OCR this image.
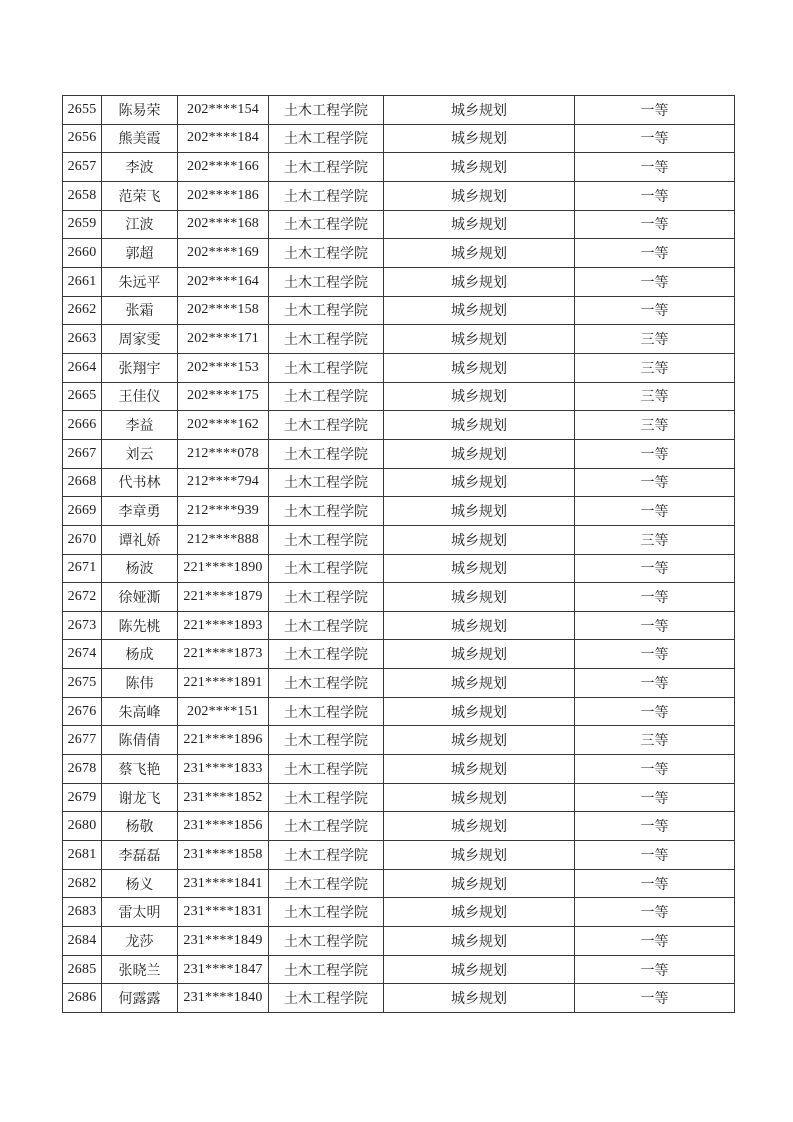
2655	陈易荣	202****154	土木工程学院	城乡规划	一等
2656	熊美霞	202****184	土木工程学院	城乡规划	一等
2657	李波	202****166	土木工程学院	城乡规划	一等
2658	范荣飞	202****186	土木工程学院	城乡规划	一等
2659	江波	202****168	土木工程学院	城乡规划	一等
2660	郭超	202****169	土木工程学院	城乡规划	一等
2661	朱远平	202****164	土木工程学院	城乡规划	一等
2662	张霜	202****158	土木工程学院	城乡规划	一等
2663	周家雯	202****171	土木工程学院	城乡规划	三等
2664	张翔宇	202****153	土木工程学院	城乡规划	三等
2665	王佳仪	202****175	土木工程学院	城乡规划	三等
2666	李益	202****162	土木工程学院	城乡规划	三等
2667	刘云	212****078	土木工程学院	城乡规划	一等
2668	代书林	212****794	土木工程学院	城乡规划	一等
2669	李章勇	212****939	土木工程学院	城乡规划	一等
2670	谭礼娇	212****888	土木工程学院	城乡规划	三等
2671	杨波	221****1890	土木工程学院	城乡规划	一等
2672	徐娅澌	221****1879	土木工程学院	城乡规划	一等
2673	陈先桃	221****1893	土木工程学院	城乡规划	一等
2674	杨成	221****1873	土木工程学院	城乡规划	一等
2675	陈伟	221****1891	土木工程学院	城乡规划	一等
2676	朱高峰	202****151	土木工程学院	城乡规划	一等
2677	陈倩倩	221****1896	土木工程学院	城乡规划	三等
2678	蔡飞艳	231****1833	土木工程学院	城乡规划	一等
2679	谢龙飞	231****1852	土木工程学院	城乡规划	一等
2680	杨敬	231****1856	土木工程学院	城乡规划	一等
2681	李磊磊	231****1858	土木工程学院	城乡规划	一等
2682	杨义	231****1841	土木工程学院	城乡规划	一等
2683	雷太明	231****1831	土木工程学院	城乡规划	一等
2684	龙莎	231****1849	土木工程学院	城乡规划	一等
2685	张晓兰	231****1847	土木工程学院	城乡规划	一等
2686	何露露	231****1840	土木工程学院	城乡规划	一等
